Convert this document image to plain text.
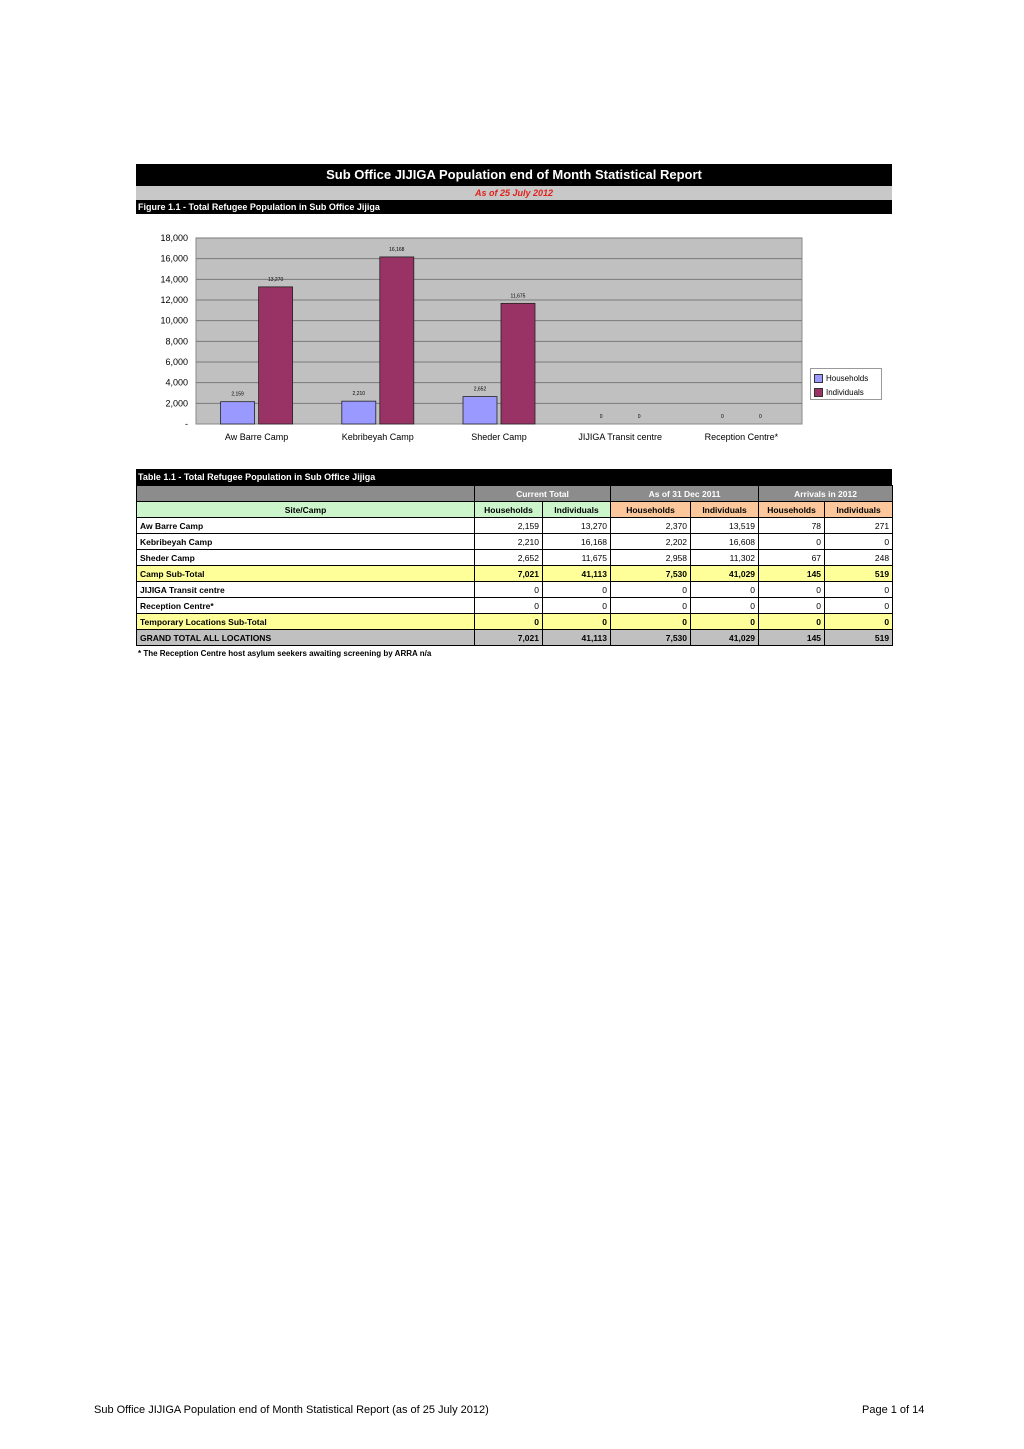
Sub Office JIJIGA Population end of Month Statistical Report
As of 25 July 2012
Figure 1.1 - Total Refugee Population in Sub Office Jijiga
18,000
16,000
14,000
12,000
10,000
8,000
6,000
4,000
2,000
-
2,159
13,270
Aw Barre Camp
2,210
16,168
Kebribeyah Camp
2,652
11,675
Sheder Camp
0	0
JIJIGA Transit centre
0	0
Reception Centre*
Households
Individuals
Table 1.1 - Total Refugee Population in Sub Office Jijiga
	Current Total		As of 31 Dec 2011		Arrivals in 2012	
Site/Camp	Households	Individuals	Households	Individuals	Households	Individuals
Aw Barre Camp	2,159	13,270	2,370	13,519	78	271
Kebribeyah Camp	2,210	16,168	2,202	16,608	0	0
Sheder Camp	2,652	11,675	2,958	11,302	67	248
Camp Sub-Total	7,021	41,113	7,530	41,029	145	519
JIJIGA Transit centre	0	0	0	0	0	0
Reception Centre*	0	0	0	0	0	0
Temporary Locations Sub-Total	0	0	0	0	0	0
GRAND TOTAL ALL LOCATIONS	7,021	41,113	7,530	41,029	145	519
* The Reception Centre host asylum seekers awaiting screening by ARRA n/a
Sub Office JIJIGA Population end of Month Statistical Report (as of 25 July 2012)	Page 1 of 14
